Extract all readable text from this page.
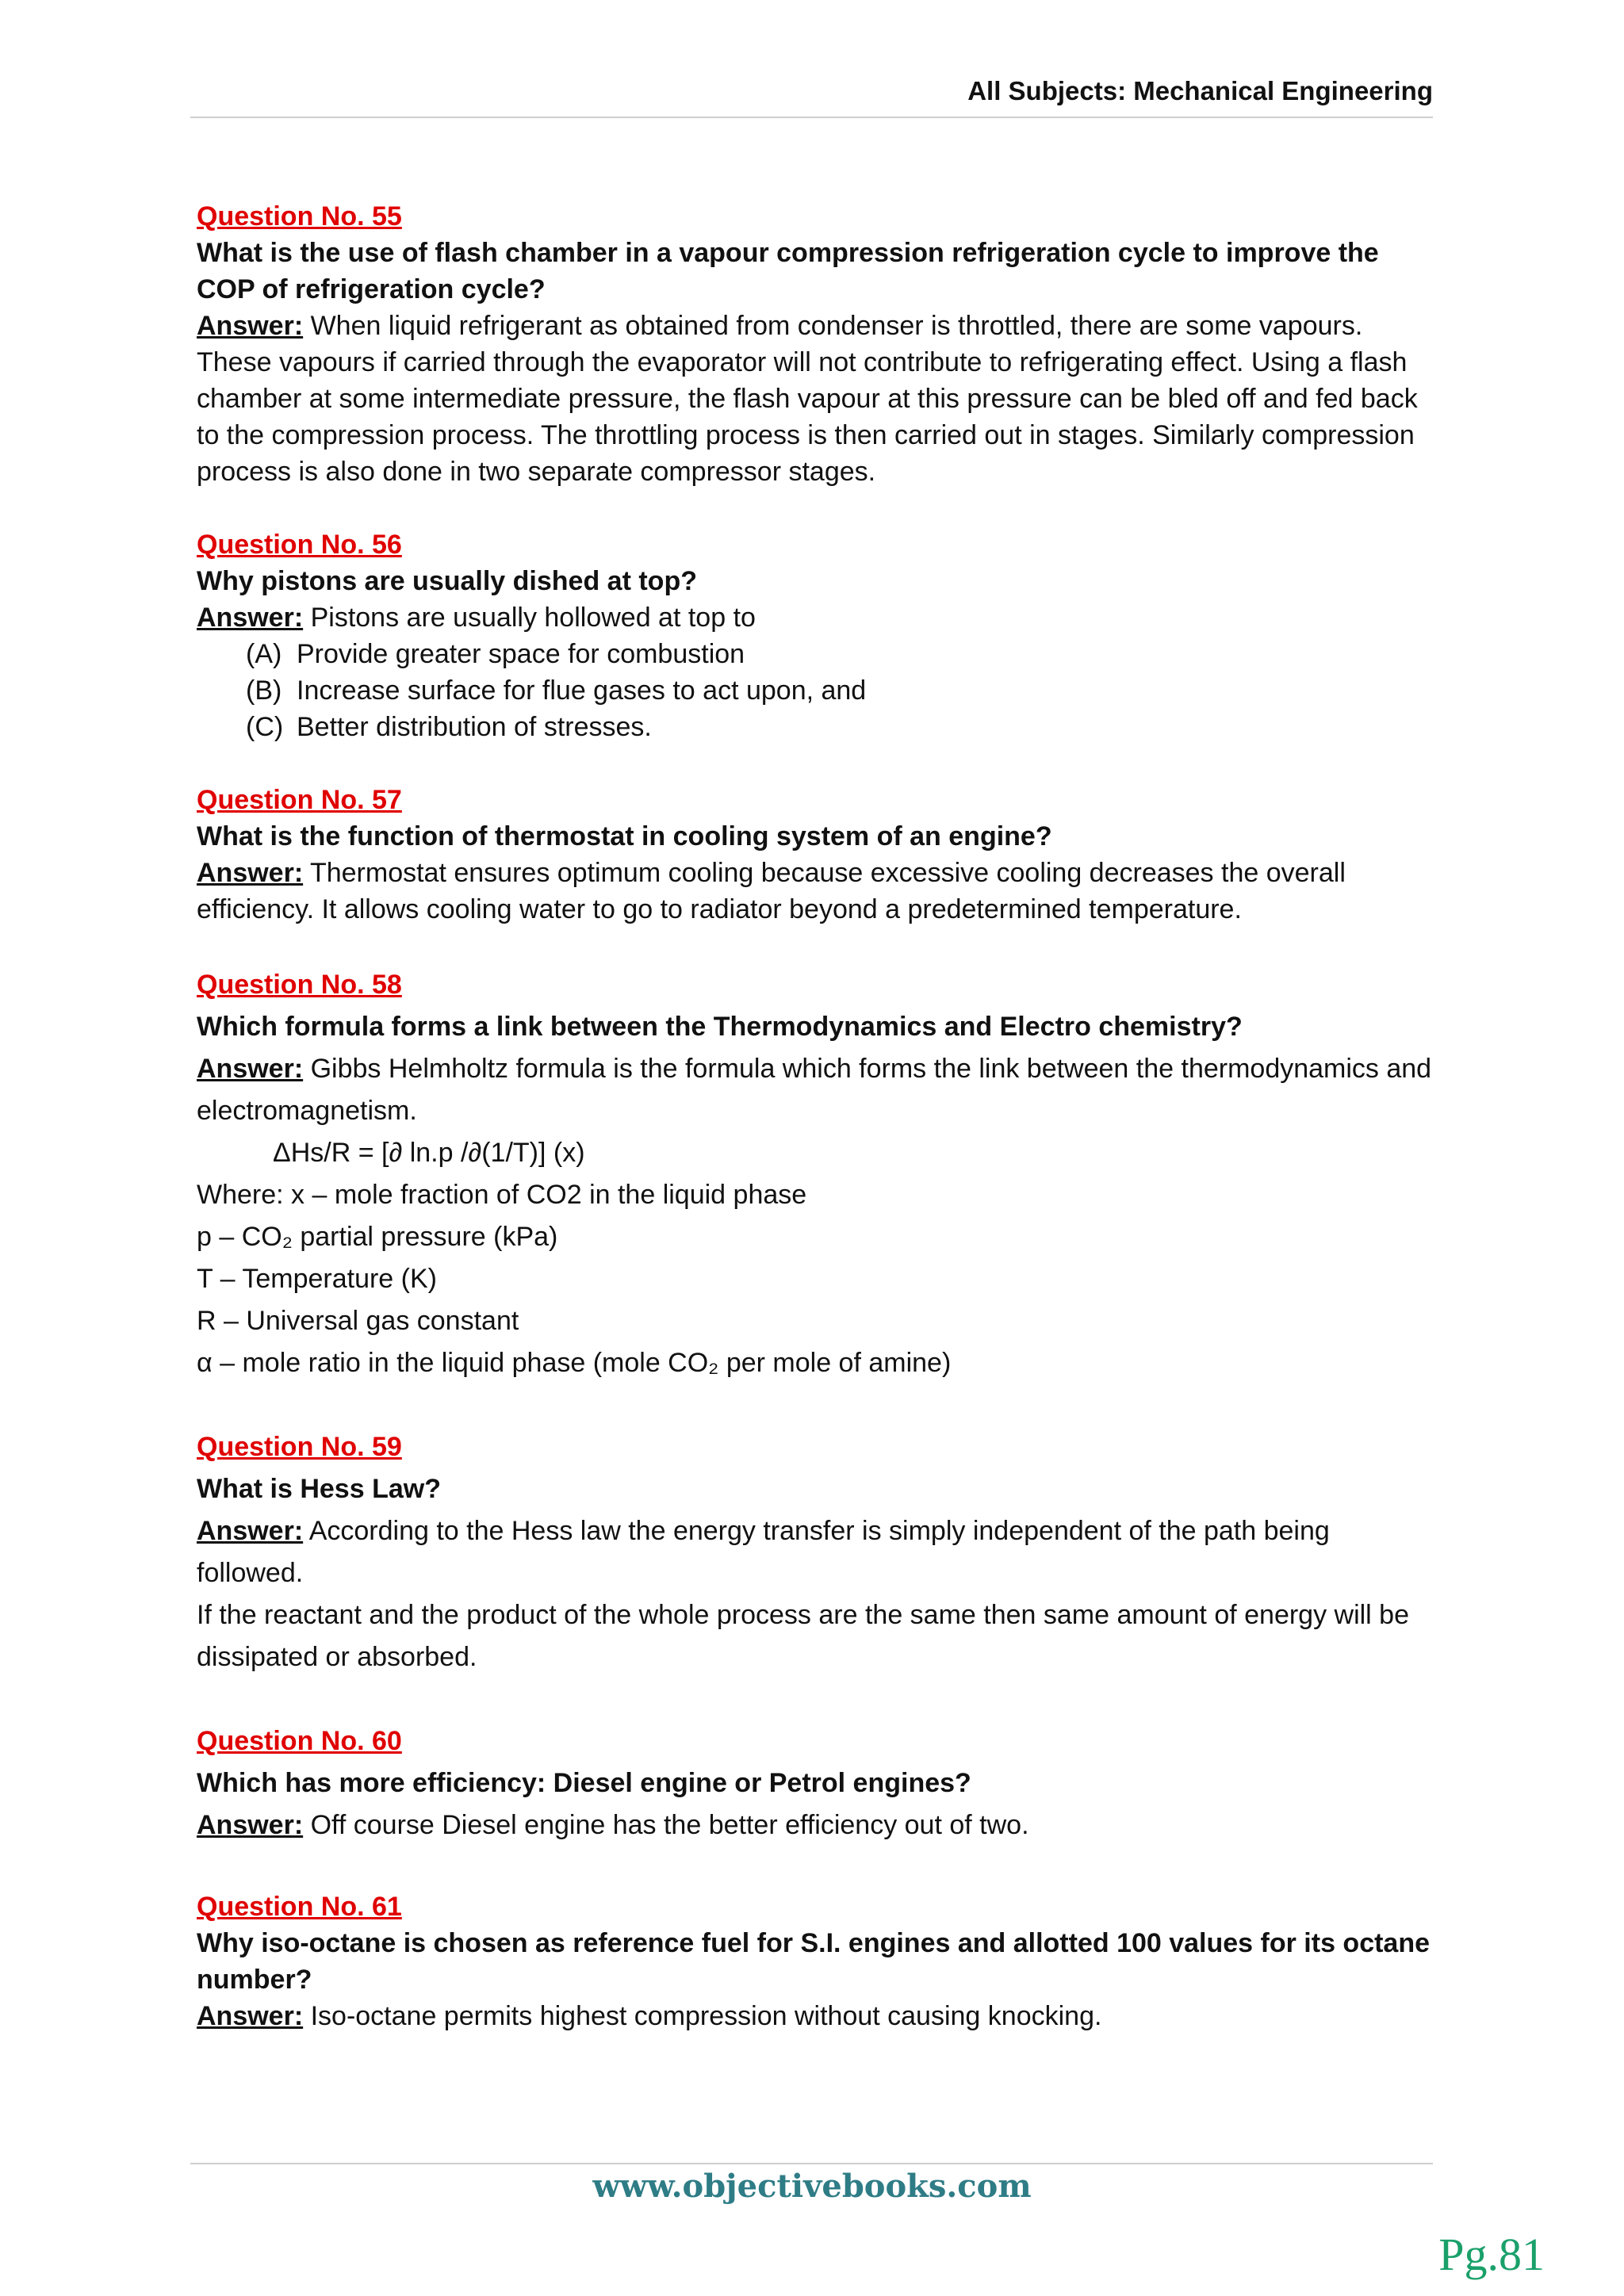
All Subjects: Mechanical Engineering

Question No. 55

What is the use of flash chamber in a vapour compression refrigeration cycle to improve the COP of refrigeration cycle?

Answer: When liquid refrigerant as obtained from condenser is throttled, there are some vapours. These vapours if carried through the evaporator will not contribute to refrigerating effect. Using a flash chamber at some intermediate pressure, the flash vapour at this pressure can be bled off and fed back to the compression process. The throttling process is then carried out in stages. Similarly compression process is also done in two separate compressor stages.

Question No. 56

Why pistons are usually dished at top?

Answer: Pistons are usually hollowed at top to

(A) Provide greater space for combustion
(B) Increase surface for flue gases to act upon, and
(C) Better distribution of stresses.

Question No. 57

What is the function of thermostat in cooling system of an engine?

Answer: Thermostat ensures optimum cooling because excessive cooling decreases the overall efficiency. It allows cooling water to go to radiator beyond a predetermined temperature.

Question No. 58

Which formula forms a link between the Thermodynamics and Electro chemistry?

Answer: Gibbs Helmholtz formula is the formula which forms the link between the thermodynamics and electromagnetism.

ΔHs/R = [∂ ln.p /∂(1/T)] (x)

Where: x – mole fraction of CO2 in the liquid phase

p – CO₂ partial pressure (kPa)

T – Temperature (K)

R – Universal gas constant

α – mole ratio in the liquid phase (mole CO₂ per mole of amine)

Question No. 59

What is Hess Law?

Answer: According to the Hess law the energy transfer is simply independent of the path being followed.

If the reactant and the product of the whole process are the same then same amount of energy will be dissipated or absorbed.

Question No. 60

Which has more efficiency: Diesel engine or Petrol engines?

Answer: Off course Diesel engine has the better efficiency out of two.

Question No. 61

Why iso-octane is chosen as reference fuel for S.I. engines and allotted 100 values for its octane number?

Answer: Iso-octane permits highest compression without causing knocking.

www.objectivebooks.com
Pg.81
